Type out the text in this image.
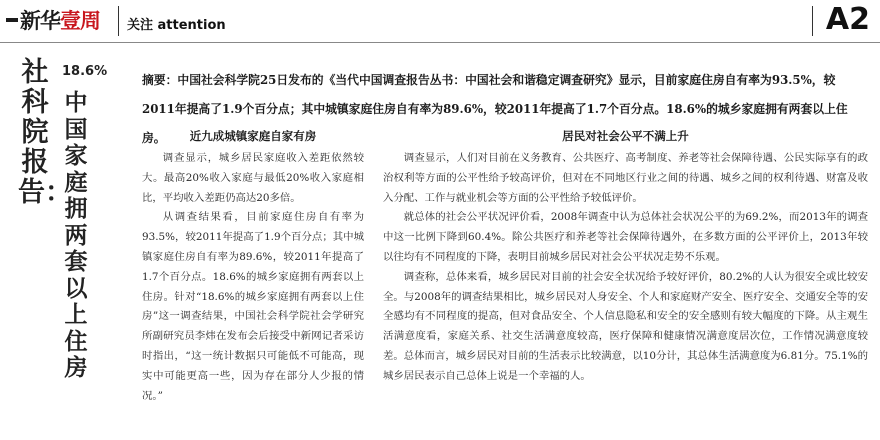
新华 壹周 关注 attention	A2
社科院报告：
18.6%
中国家庭拥两套以上住房
摘要：中国社会科学院25日发布的《当代中国调查报告丛书：中国社会和谐稳定调查研究》显示，目前家庭住房自有率为93.5%，较2011年提高了1.9个百分点；其中城镇家庭住房自有率为89.6%，较2011年提高了1.7个百分点。18.6%的城乡家庭拥有两套以上住房。	近九成城镇家庭自家有房

调查显示，城乡居民家庭收入差距依然较大。最高20%收入家庭与最低20%收入家庭相比，平均收入差距仍高达20多倍。

从调查结果看，目前家庭住房自有率为93.5%，较2011年提高了1.9个百分点；其中城镇家庭住房自有率为89.6%，较2011年提高了1.7个百分点。18.6%的城乡家庭拥有两套以上住房。针对“18.6%的城乡家庭拥有两套以上住房”这一调查结果，中国社会科学院社会学研究所副研究员李炜在发布会后接受中新网记者采访时指出，“这一统计数据只可能低不可能高，现实中可能更高一些，因为存在部分人少报的情况。”

居民对社会公平不满上升

调查显示，人们对目前在义务教育、公共医疗、高考制度、养老等社会保障待遇、公民实际享有的政治权利等方面的公平性给予较高评价，但对在不同地区行业之间的待遇、城乡之间的权利待遇、财富及收入分配、工作与就业机会等方面的公平性给予较低评价。

就总体的社会公平状况评价看，2008年调查中认为总体社会状况公平的为69.2%，而2013年的调查中这一比例下降到60.4%。除公共医疗和养老等社会保障待遇外，在多数方面的公平评价上，2013年较以往均有不同程度的下降，表明目前城乡居民对社会公平状况走势不乐观。

调查称，总体来看，城乡居民对目前的社会安全状况给予较好评价，80.2%的人认为很安全或比较安全。与2008年的调查结果相比，城乡居民对人身安全、个人和家庭财产安全、医疗安全、交通安全等的安全感均有不同程度的提高，但对食品安全、个人信息隐私和安全的安全感则有较大幅度的下降。从主观生活满意度看，家庭关系、社交生活满意度较高，医疗保障和健康情况满意度居次位，工作情况满意度较差。总体而言，城乡居民对目前的生活表示比较满意，以10分计，其总体生活满意度为6.81分。75.1%的城乡居民表示自己总体上说是一个幸福的人。
